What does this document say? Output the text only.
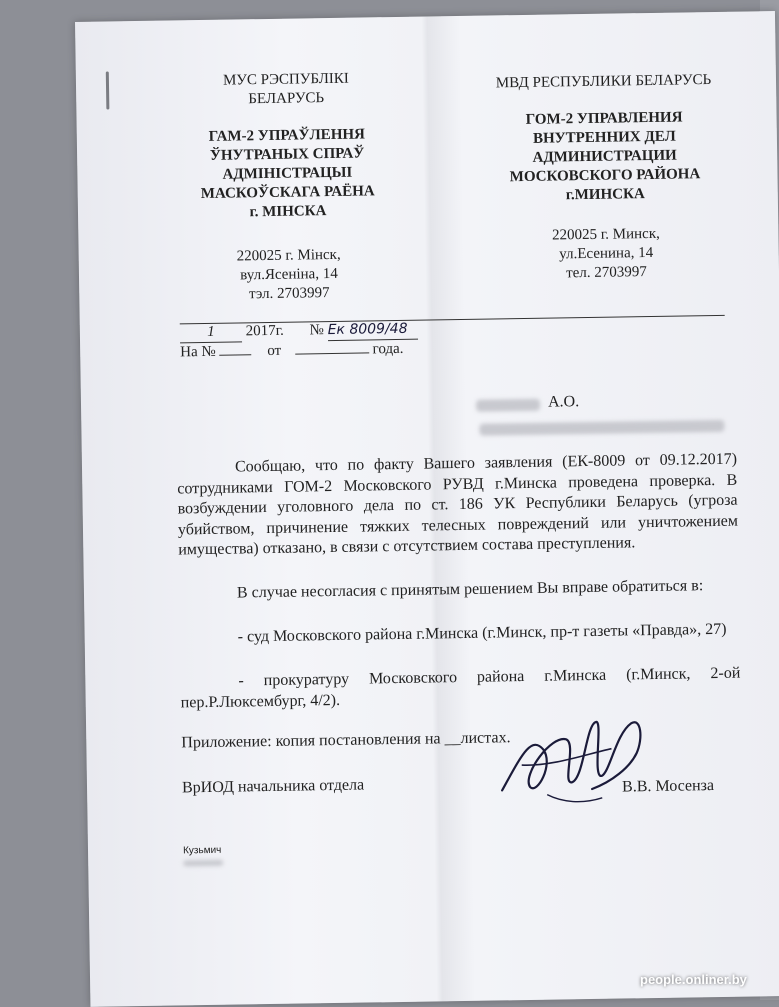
МУС РЭСПУБЛІКІ
БЕЛАРУСЬ
ГАМ-2 УПРАЎЛЕННЯ
ЎНУТРАНЫХ СПРАЎ
АДМІНІСТРАЦЫІ
МАСКОЎСКАГА РАЁНА
г. МІНСКА
220025 г. Мінск,
вул.Ясеніна, 14
тэл. 2703997
МВД РЕСПУБЛИКИ БЕЛАРУСЬ
ГОМ-2 УПРАВЛЕНИЯ
ВНУТРЕННИХ ДЕЛ
АДМИНИСТРАЦИИ
МОСКОВСКОГО РАЙОНА
г.МИНСКА
220025 г. Минск,
ул.Есенина, 14
тел. 2703997
1 2017г. № Ек 8009/48
На №	от	года.
А.О.
Сообщаю, что по факту Вашего заявления (ЕК-8009 от 09.12.2017) сотрудниками ГОМ-2 Московского РУВД г.Минска проведена проверка. В возбуждении уголовного дела по ст. 186 УК Республики Беларусь (угроза убийством, причинение тяжких телесных повреждений или уничтожением имущества) отказано, в связи с отсутствием состава преступления.
В случае несогласия с принятым решением Вы вправе обратиться в:
- суд Московского района г.Минска (г.Минск, пр-т газеты «Правда», 27)
- прокуратуру Московского района г.Минска (г.Минск, 2-ой пер.Р.Люксембург, 4/2).
Приложение: копия постановления на __листах.
ВрИОД начальника отдела	В.В. Мосенза
Кузьмич
people.onliner.by
